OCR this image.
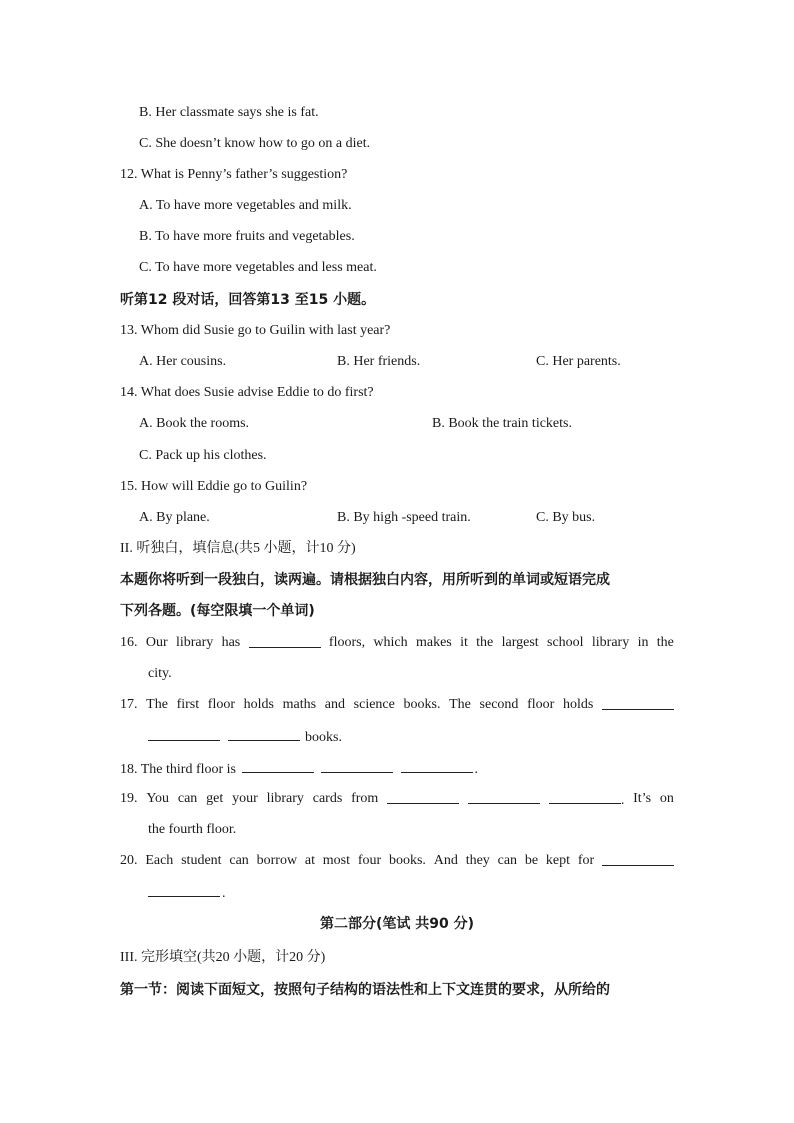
B. Her classmate says she is fat.
C. She doesn’t know how to go on a diet.
12. What is Penny’s father’s suggestion?
A. To have more vegetables and milk.
B. To have more fruits and vegetables.
C. To have more vegetables and less meat.
听第12 段对话，回答第13 至15 小题。
13. Whom did Susie go to Guilin with last year?
A. Her cousins.	B. Her friends.	C. Her parents.
14. What does Susie advise Eddie to do first?
A. Book the rooms.	B. Book the train tickets.
C. Pack up his clothes.
15. How will Eddie go to Guilin?
A. By plane.	B. By high -speed train.	C. By bus.
II. 听独白，填信息(共5 小题，计10 分)
本题你将听到一段独白，读两遍。请根据独白内容，用所听到的单词或短语完成
下列各题。(每空限填一个单词)
16. Our library has	floors, which makes it the largest school library in the
city.
17. The first floor holds maths and science books. The second floor holds
books.
18. The third floor is	.
19. You can get your library cards from	. It’s on
the fourth floor.
20. Each student can borrow at most four books. And they can be kept for
.
第二部分(笔试 共90 分)
III. 完形填空(共20 小题，计20 分)
第一节：阅读下面短文，按照句子结构的语法性和上下文连贯的要求，从所给的
